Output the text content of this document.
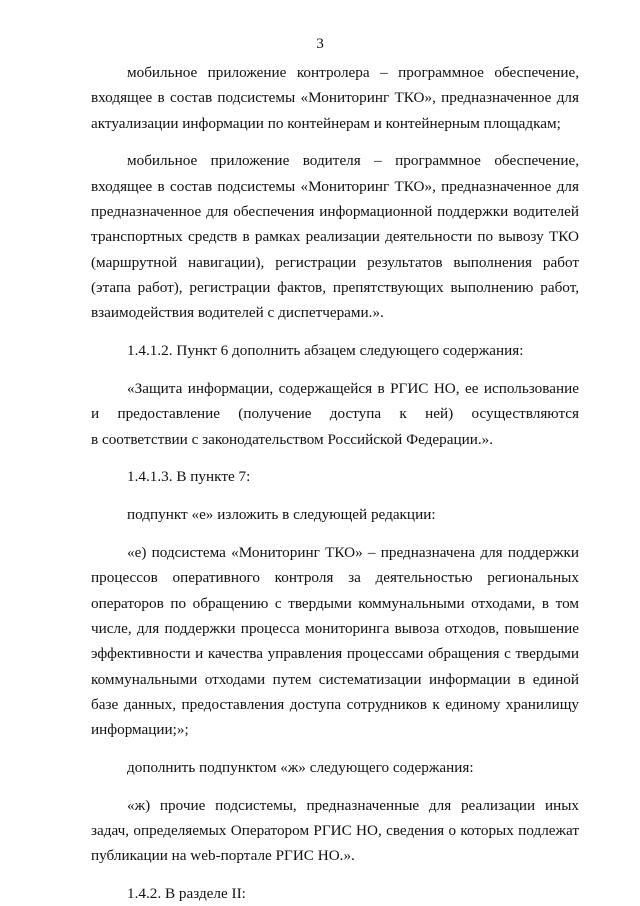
3
мобильное приложение контролера – программное обеспечение,
входящее в состав подсистемы «Мониторинг ТКО», предназначенное для
актуализации информации по контейнерам и контейнерным площадкам;
мобильное приложение водителя – программное обеспечение,
входящее в состав подсистемы «Мониторинг ТКО», предназначенное для
предназначенное для обеспечения информационной поддержки водителей
транспортных средств в рамках реализации деятельности по вывозу ТКО
(маршрутной навигации), регистрации результатов выполнения работ
(этапа работ), регистрации фактов, препятствующих выполнению работ,
взаимодействия водителей с диспетчерами.».
1.4.1.2. Пункт 6 дополнить абзацем следующего содержания:
«Защита информации, содержащейся в РГИС НО, ее использование
и предоставление (получение доступа к ней) осуществляются
в соответствии с законодательством Российской Федерации.».
1.4.1.3. В пункте 7:
подпункт «е» изложить в следующей редакции:
«е) подсистема «Мониторинг ТКО» – предназначена для поддержки
процессов оперативного контроля за деятельностью региональных
операторов по обращению с твердыми коммунальными отходами, в том
числе, для поддержки процесса мониторинга вывоза отходов, повышение
эффективности и качества управления процессами обращения с твердыми
коммунальными отходами путем систематизации информации в единой
базе данных, предоставления доступа сотрудников к единому хранилищу
информации;»;
дополнить подпунктом «ж» следующего содержания:
«ж) прочие подсистемы, предназначенные для реализации иных
задач, определяемых Оператором РГИС НО, сведения о которых подлежат
публикации на web-портале РГИС НО.».
1.4.2. В разделе II:
